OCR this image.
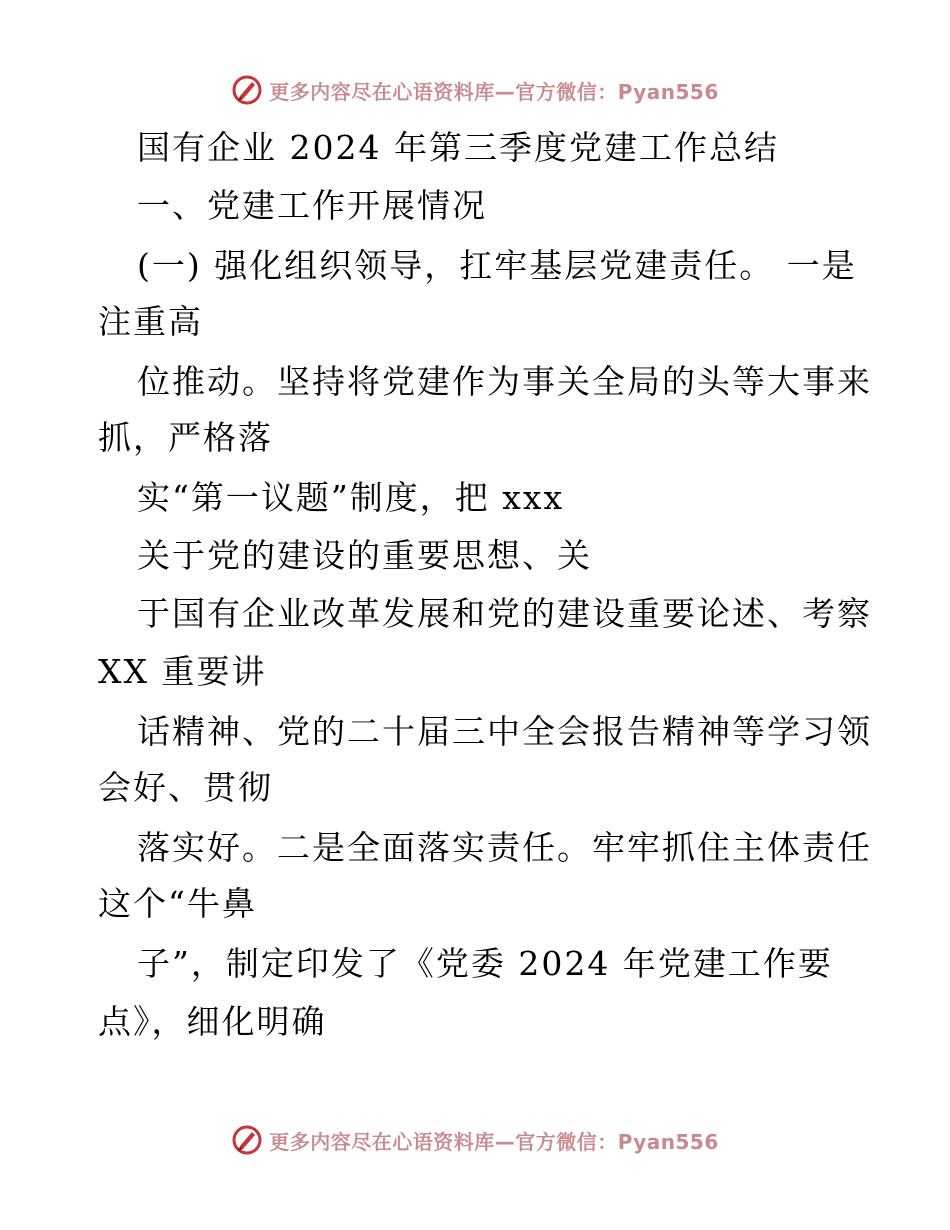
更多内容尽在心语资料库—官方微信：Pyan556
国有企业 2024 年第三季度党建工作总结
一、党建工作开展情况
(一) 强化组织领导，扛牢基层党建责任。 一是
注重高
位推动。坚持将党建作为事关全局的头等大事来
抓，严格落
实“第一议题”制度，把 xxx
关于党的建设的重要思想、关
于国有企业改革发展和党的建设重要论述、考察
XX 重要讲
话精神、党的二十届三中全会报告精神等学习领
会好、贯彻
落实好。二是全面落实责任。牢牢抓住主体责任
这个“牛鼻
子”，制定印发了《党委 2024 年党建工作要
点》，细化明确
更多内容尽在心语资料库—官方微信：Pyan556
